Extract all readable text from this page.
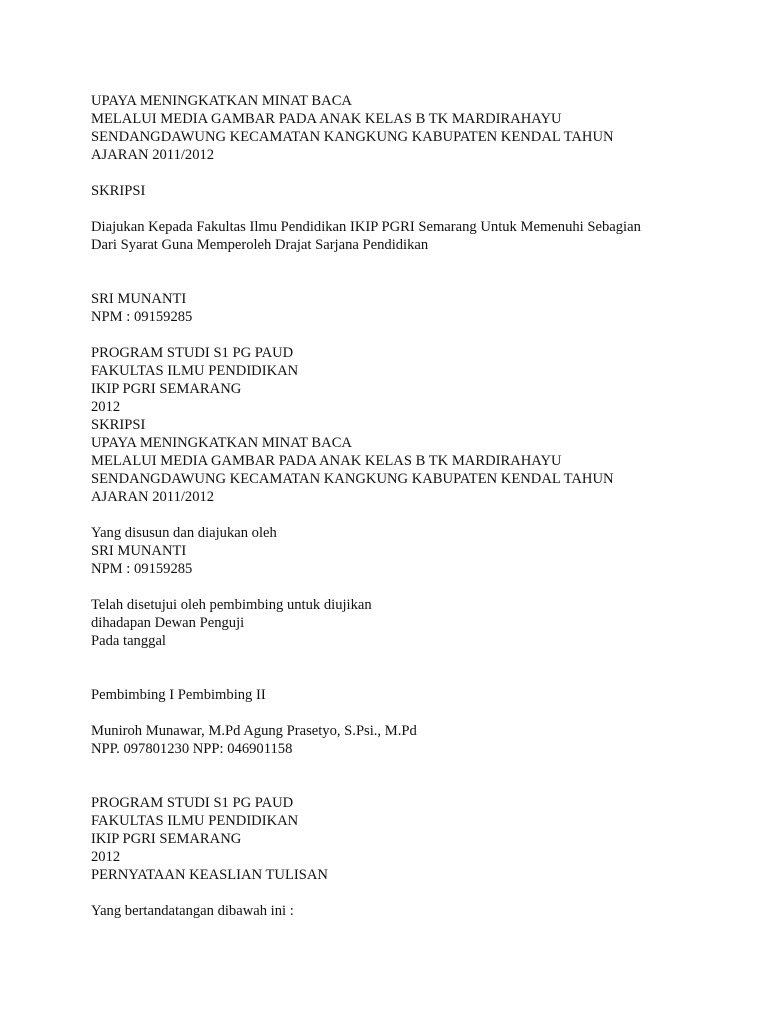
UPAYA MENINGKATKAN MINAT BACA
MELALUI MEDIA GAMBAR PADA ANAK KELAS B TK MARDIRAHAYU
SENDANGDAWUNG KECAMATAN KANGKUNG KABUPATEN KENDAL TAHUN
AJARAN 2011/2012
SKRIPSI
Diajukan Kepada Fakultas Ilmu Pendidikan IKIP PGRI Semarang Untuk Memenuhi Sebagian
Dari Syarat Guna Memperoleh Drajat Sarjana Pendidikan
SRI MUNANTI
NPM : 09159285
PROGRAM STUDI S1 PG PAUD
FAKULTAS ILMU PENDIDIKAN
IKIP PGRI SEMARANG
2012
SKRIPSI
UPAYA MENINGKATKAN MINAT BACA
MELALUI MEDIA GAMBAR PADA ANAK KELAS B TK MARDIRAHAYU
SENDANGDAWUNG KECAMATAN KANGKUNG KABUPATEN KENDAL TAHUN
AJARAN 2011/2012
Yang disusun dan diajukan oleh
SRI MUNANTI
NPM : 09159285
Telah disetujui oleh pembimbing untuk diujikan
dihadapan Dewan Penguji
Pada tanggal
Pembimbing I Pembimbing II
Muniroh Munawar, M.Pd Agung Prasetyo, S.Psi., M.Pd
NPP. 097801230 NPP: 046901158
PROGRAM STUDI S1 PG PAUD
FAKULTAS ILMU PENDIDIKAN
IKIP PGRI SEMARANG
2012
PERNYATAAN KEASLIAN TULISAN
Yang bertandatangan dibawah ini :
